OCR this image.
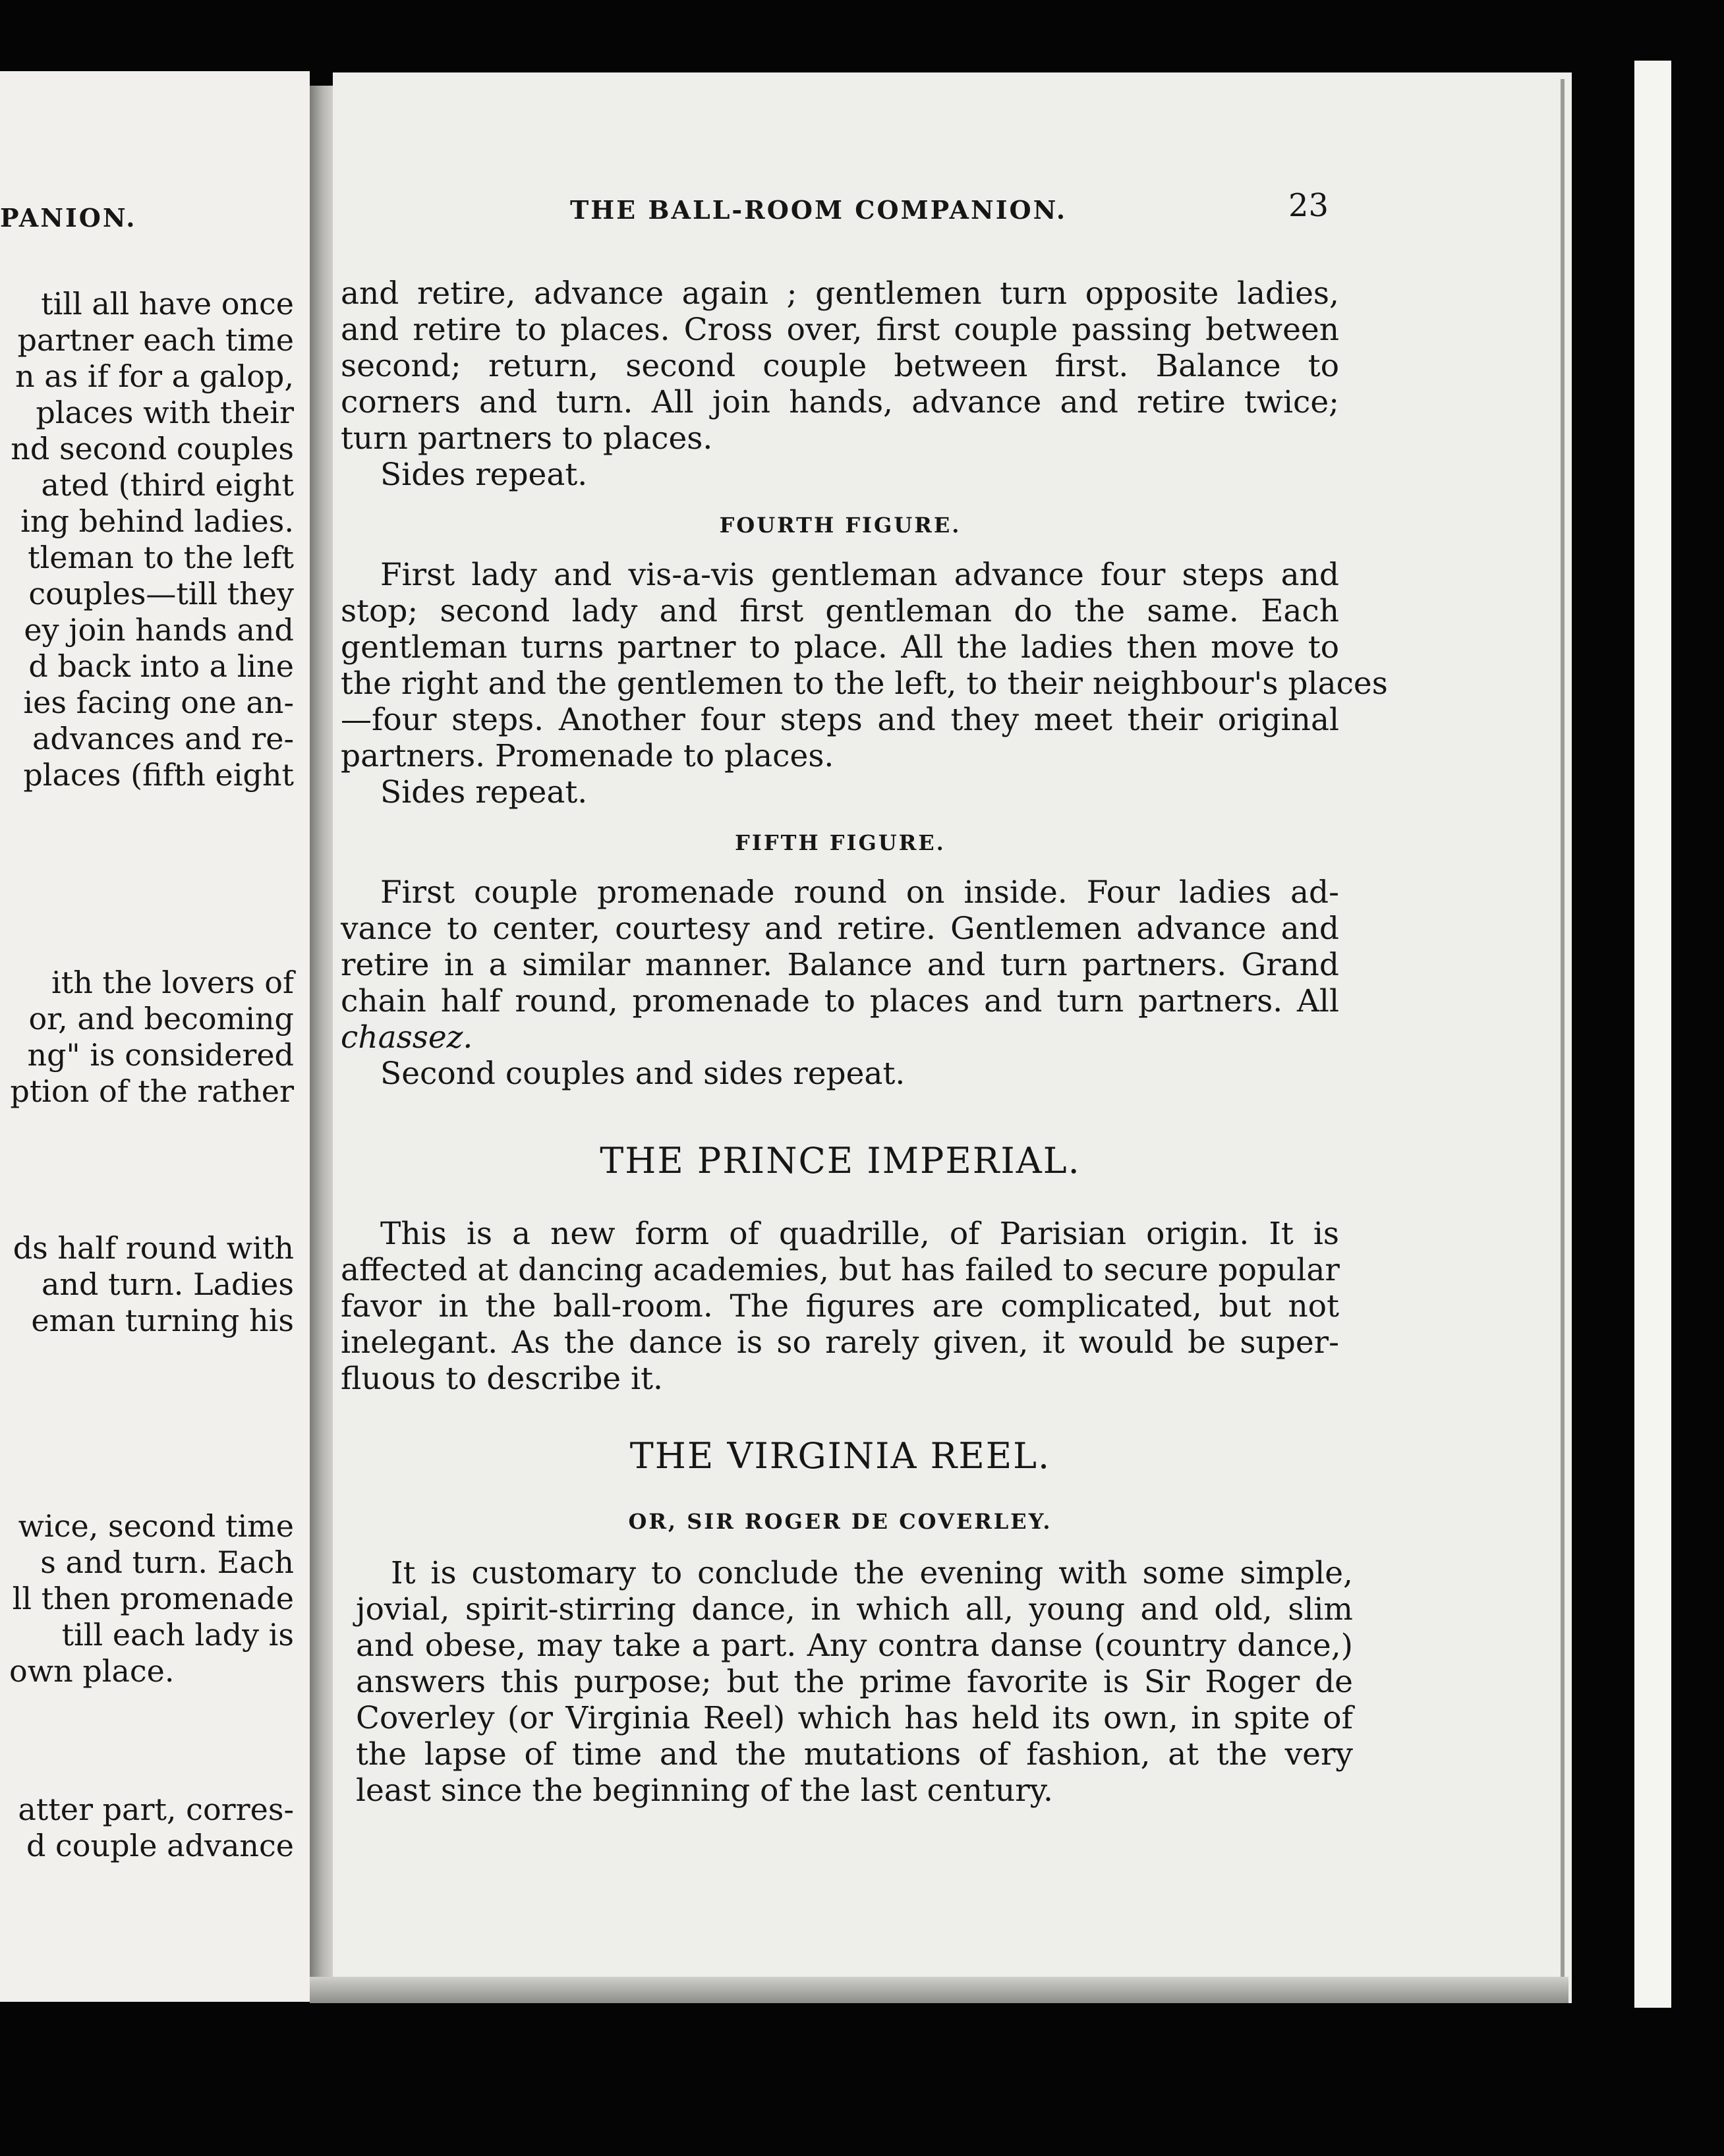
PANION.
till all have once
partner each time
n as if for a galop,
places with their
nd second couples
ated (third eight
ing behind ladies.
tleman to the left
couples—till they
ey join hands and
d back into a line
ies facing one an-
advances and re-
places (fifth eight
ith the lovers of
or, and becoming
ng" is considered
ption of the rather
ds half round with
and turn. Ladies
eman turning his
wice, second time
s and turn. Each
ll then promenade
till each lady is
own place.
atter part, corres-
d couple advance
THE BALL-ROOM COMPANION.	23
and retire, advance again ; gentlemen turn opposite ladies,
and retire to places. Cross over, first couple passing between
second; return, second couple between first. Balance to
corners and turn. All join hands, advance and retire twice;
turn partners to places.
Sides repeat.
FOURTH FIGURE.
First lady and vis-a-vis gentleman advance four steps and
stop; second lady and first gentleman do the same. Each
gentleman turns partner to place. All the ladies then move to
the right and the gentlemen to the left, to their neighbour's places
—four steps. Another four steps and they meet their original
partners. Promenade to places.
Sides repeat.
FIFTH FIGURE.
First couple promenade round on inside. Four ladies ad-
vance to center, courtesy and retire. Gentlemen advance and
retire in a similar manner. Balance and turn partners. Grand
chain half round, promenade to places and turn partners. All
chassez.
Second couples and sides repeat.
THE PRINCE IMPERIAL.
This is a new form of quadrille, of Parisian origin. It is
affected at dancing academies, but has failed to secure popular
favor in the ball-room. The figures are complicated, but not
inelegant. As the dance is so rarely given, it would be super-
fluous to describe it.
THE VIRGINIA REEL.
OR, SIR ROGER DE COVERLEY.
It is customary to conclude the evening with some simple,
jovial, spirit-stirring dance, in which all, young and old, slim
and obese, may take a part. Any contra danse (country dance,)
answers this purpose; but the prime favorite is Sir Roger de
Coverley (or Virginia Reel) which has held its own, in spite of
the lapse of time and the mutations of fashion, at the very
least since the beginning of the last century.
